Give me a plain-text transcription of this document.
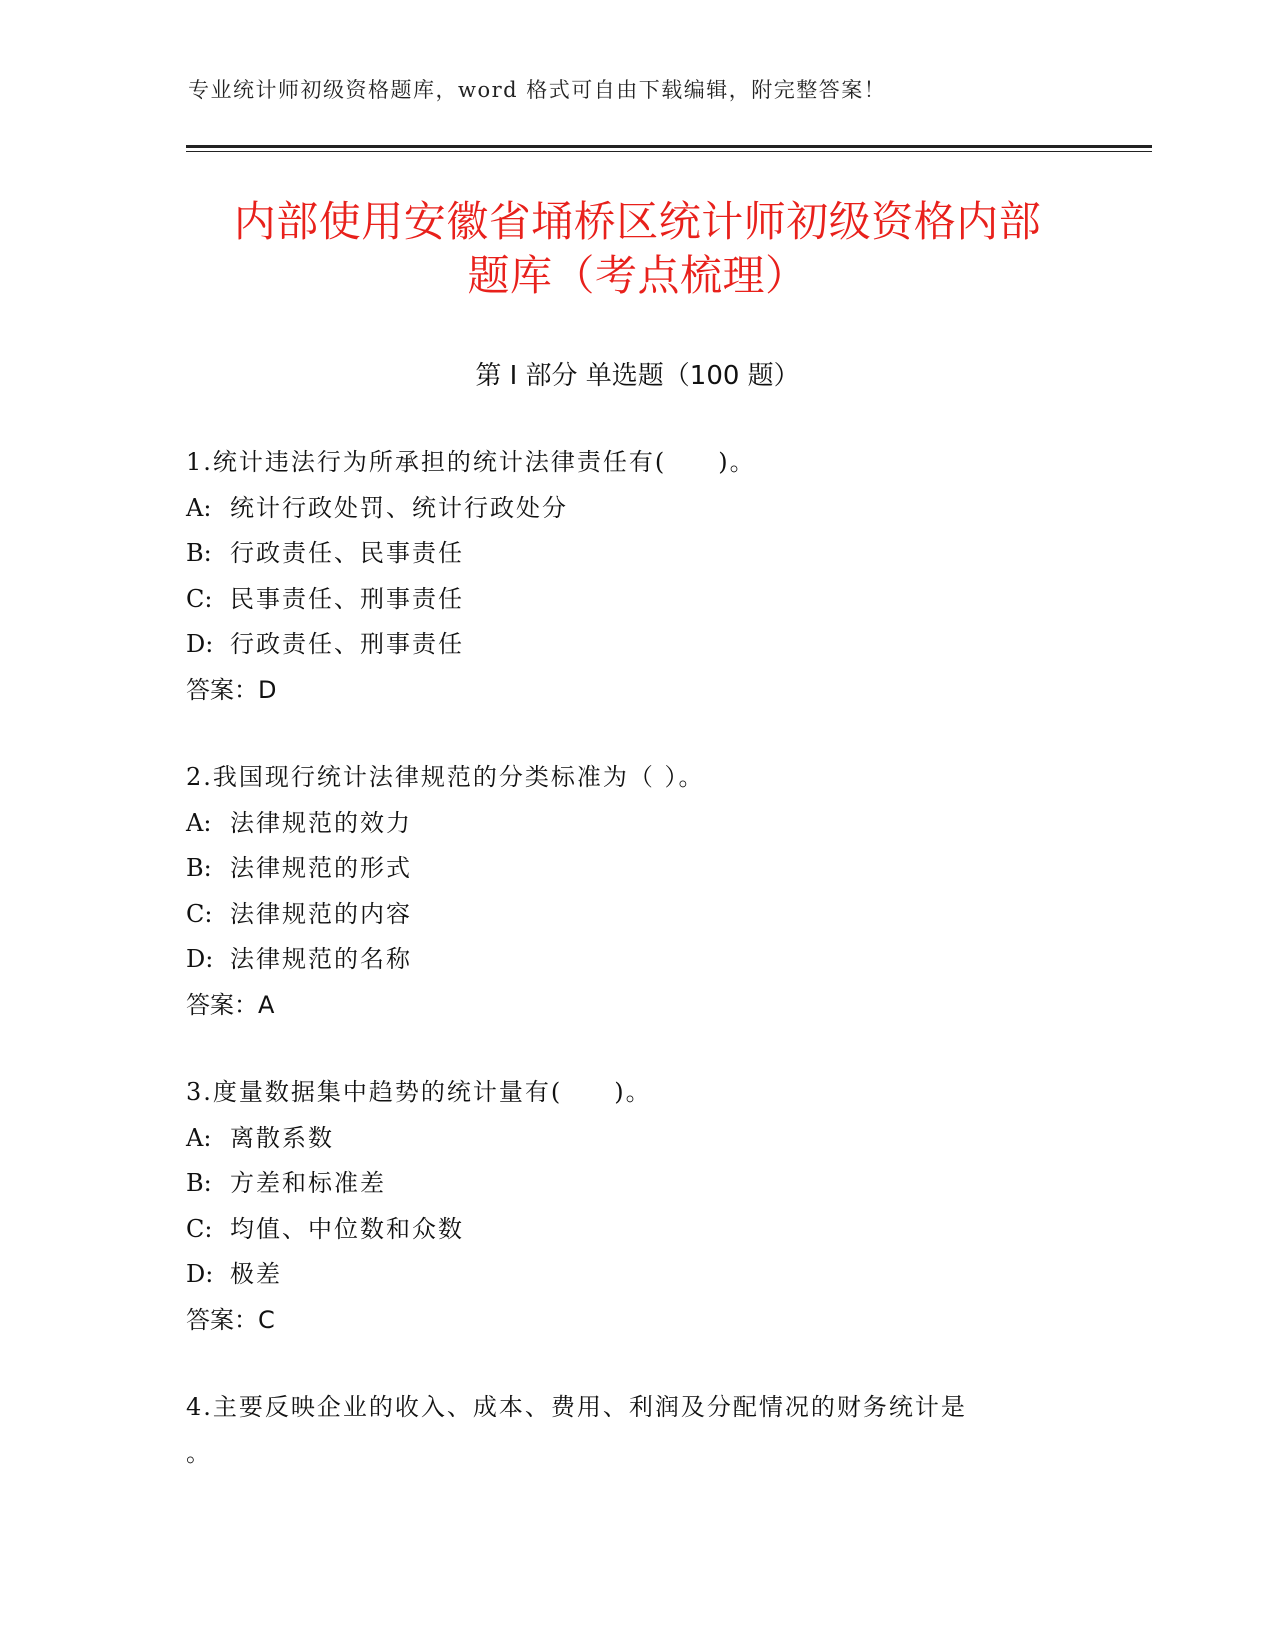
专业统计师初级资格题库，word 格式可自由下载编辑，附完整答案！
内部使用安徽省埇桥区统计师初级资格内部
题库（考点梳理）
第 I 部分 单选题（100 题）
1.统计违法行为所承担的统计法律责任有(　　)。
A: 统计行政处罚、统计行政处分
B: 行政责任、民事责任
C: 民事责任、刑事责任
D: 行政责任、刑事责任
答案：D
2.我国现行统计法律规范的分类标准为（ ）。
A: 法律规范的效力
B: 法律规范的形式
C: 法律规范的内容
D: 法律规范的名称
答案：A
3.度量数据集中趋势的统计量有(　　)。
A: 离散系数
B: 方差和标准差
C: 均值、中位数和众数
D: 极差
答案：C
4.主要反映企业的收入、成本、费用、利润及分配情况的财务统计是
。
